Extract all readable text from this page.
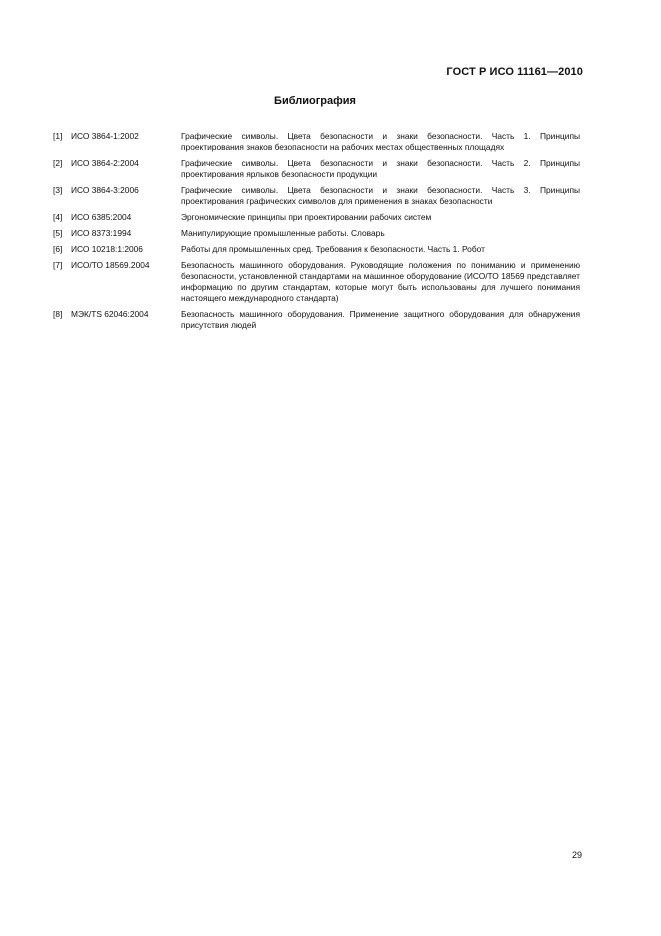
ГОСТ Р ИСО 11161—2010
Библиография
[1]	ИСО 3864-1:2002	Графические символы. Цвета безопасности и знаки безопасности. Часть 1. Принципы проектирования знаков безопасности на рабочих местах общественных площадях
[2]	ИСО 3864-2:2004	Графические символы. Цвета безопасности и знаки безопасности. Часть 2. Принципы проектирования ярлыков безопасности продукции
[3]	ИСО 3864-3:2006	Графические символы. Цвета безопасности и знаки безопасности. Часть 3. Принципы проектирования графических символов для применения в знаках безопасности
[4]	ИСО 6385:2004	Эргономические принципы при проектировании рабочих систем
[5]	ИСО 8373:1994	Манипулирующие промышленные работы. Словарь
[6]	ИСО 10218:1:2006	Работы для промышленных сред. Требования к безопасности. Часть 1. Робот
[7]	ИСО/ТО 18569.2004	Безопасность машинного оборудования. Руководящие положения по пониманию и применению безопасности, установленной стандартами на машинное оборудование (ИСО/ТО 18569 представляет информацию по другим стандартам, которые могут быть использованы для лучшего понимания настоящего международного стандарта)
[8]	МЭК/TS 62046:2004	Безопасность машинного оборудования. Применение защитного оборудования для обнаружения присутствия людей
29
